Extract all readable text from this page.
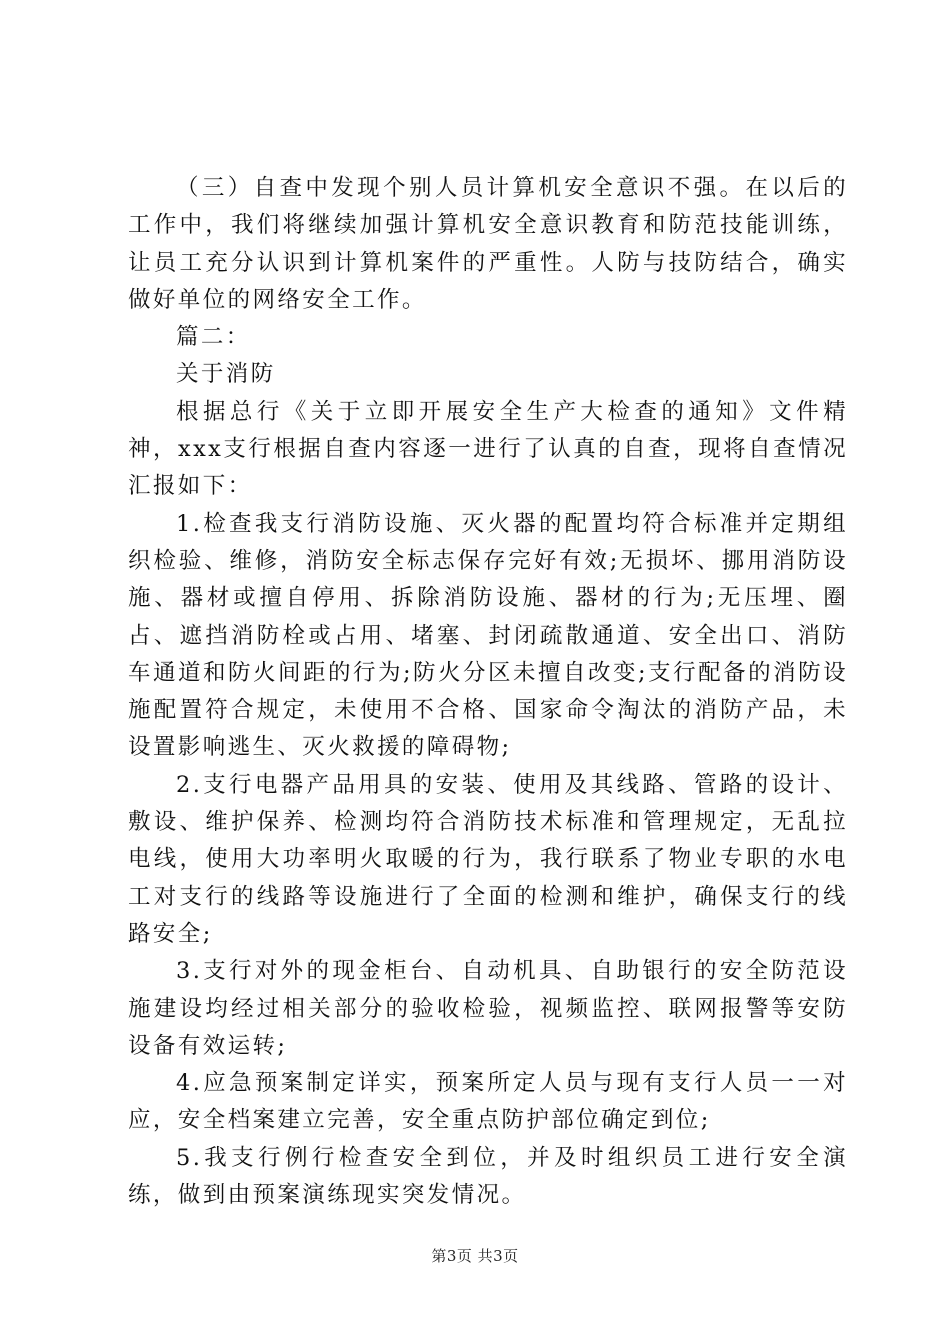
（三）自查中发现个别人员计算机安全意识不强。在以后的工作中，我们将继续加强计算机安全意识教育和防范技能训练，让员工充分认识到计算机案件的严重性。人防与技防结合，确实做好单位的网络安全工作。

篇二：

关于消防

根据总行《关于立即开展安全生产大检查的通知》文件精神，xxx支行根据自查内容逐一进行了认真的自查，现将自查情况汇报如下：

1.检查我支行消防设施、灭火器的配置均符合标准并定期组织检验、维修，消防安全标志保存完好有效;无损坏、挪用消防设施、器材或擅自停用、拆除消防设施、器材的行为;无压埋、圈占、遮挡消防栓或占用、堵塞、封闭疏散通道、安全出口、消防车通道和防火间距的行为;防火分区未擅自改变;支行配备的消防设施配置符合规定，未使用不合格、国家命令淘汰的消防产品，未设置影响逃生、灭火救援的障碍物;

2.支行电器产品用具的安装、使用及其线路、管路的设计、敷设、维护保养、检测均符合消防技术标准和管理规定，无乱拉电线，使用大功率明火取暖的行为，我行联系了物业专职的水电工对支行的线路等设施进行了全面的检测和维护，确保支行的线路安全;

3.支行对外的现金柜台、自动机具、自助银行的安全防范设施建设均经过相关部分的验收检验，视频监控、联网报警等安防设备有效运转;

4.应急预案制定详实，预案所定人员与现有支行人员一一对应，安全档案建立完善，安全重点防护部位确定到位;

5.我支行例行检查安全到位，并及时组织员工进行安全演练，做到由预案演练现实突发情况。

第3页 共3页
